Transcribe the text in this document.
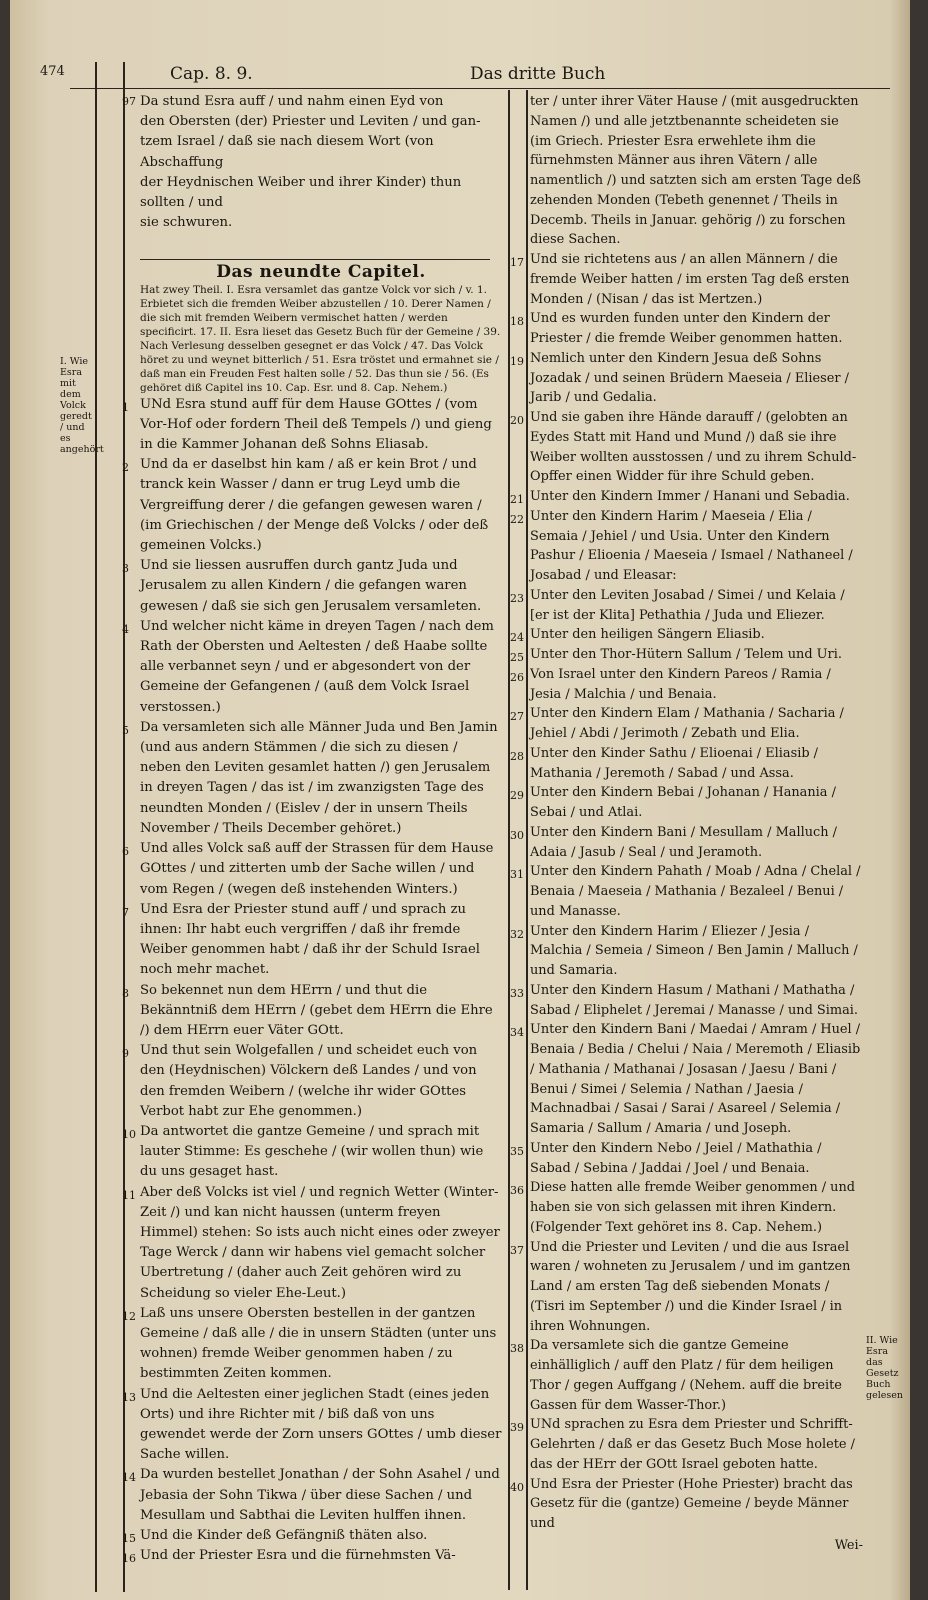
474	Cap. 8. 9.	Das dritte Buch
I. Wie Esra mit dem Volck geredt / und es angehört
II. Wie Esra das Gesetz Buch gelesen
97 Da stund Esra auff / und nahm einen Eyd von

den Obersten (der) Priester und Leviten / und gan-

tzem Israel / daß sie nach diesem Wort (von Abschaffung

der Heydnischen Weiber und ihrer Kinder) thun sollten / und

sie schwuren.

Das neundte Capitel.

Hat zwey Theil. I. Esra versamlet das gantze Volck vor sich / v. 1. Erbietet sich die fremden Weiber abzustellen / 10. Derer Namen / die sich mit fremden Weibern vermischet hatten / werden specificirt. 17. II. Esra lieset das Gesetz Buch für der Gemeine / 39. Nach Verlesung desselben gesegnet er das Volck / 47. Das Volck höret zu und weynet bitterlich / 51. Esra tröstet und ermahnet sie / daß man ein Freuden Fest halten solle / 52. Das thun sie / 56. (Es gehöret diß Capitel ins 10. Cap. Esr. und 8. Cap. Nehem.)

1 UNd Esra stund auff für dem Hause GOttes / (vom Vor-Hof oder fordern Theil deß Tempels /) und gieng in die Kammer Johanan deß Sohns Eliasab.

2 Und da er daselbst hin kam / aß er kein Brot / und tranck kein Wasser / dann er trug Leyd umb die Vergreiffung derer / die gefangen gewesen waren / (im Griechischen / der Menge deß Volcks / oder deß gemeinen Volcks.)

3 Und sie liessen ausruffen durch gantz Juda und Jerusalem zu allen Kindern / die gefangen waren gewesen / daß sie sich gen Jerusalem versamleten.

4 Und welcher nicht käme in dreyen Tagen / nach dem Rath der Obersten und Aeltesten / deß Haabe sollte alle verbannet seyn / und er abgesondert von der Gemeine der Gefangenen / (auß dem Volck Israel verstossen.)

5 Da versamleten sich alle Männer Juda und Ben Jamin (und aus andern Stämmen / die sich zu diesen / neben den Leviten gesamlet hatten /) gen Jerusalem in dreyen Tagen / das ist / im zwanzigsten Tage des neundten Monden / (Eislev / der in unsern Theils November / Theils December gehöret.)

6 Und alles Volck saß auff der Strassen für dem Hause GOttes / und zitterten umb der Sache willen / und vom Regen / (wegen deß instehenden Winters.)

7 Und Esra der Priester stund auff / und sprach zu ihnen: Ihr habt euch vergriffen / daß ihr fremde Weiber genommen habt / daß ihr der Schuld Israel noch mehr machet.

8 So bekennet nun dem HErrn / und thut die Bekänntniß dem HErrn / (gebet dem HErrn die Ehre /) dem HErrn euer Väter GOtt.

9 Und thut sein Wolgefallen / und scheidet euch von den (Heydnischen) Völckern deß Landes / und von den fremden Weibern / (welche ihr wider GOttes Verbot habt zur Ehe genommen.)

10 Da antwortet die gantze Gemeine / und sprach mit lauter Stimme: Es geschehe / (wir wollen thun) wie du uns gesaget hast.

11 Aber deß Volcks ist viel / und regnich Wetter (Winter-Zeit /) und kan nicht haussen (unterm freyen Himmel) stehen: So ists auch nicht eines oder zweyer Tage Werck / dann wir habens viel gemacht solcher Ubertretung / (daher auch Zeit gehören wird zu Scheidung so vieler Ehe-Leut.)

12 Laß uns unsere Obersten bestellen in der gantzen Gemeine / daß alle / die in unsern Städten (unter uns wohnen) fremde Weiber genommen haben / zu bestimmten Zeiten kommen.

13 Und die Aeltesten einer jeglichen Stadt (eines jeden Orts) und ihre Richter mit / biß daß von uns gewendet werde der Zorn unsers GOttes / umb dieser Sache willen.

14 Da wurden bestellet Jonathan / der Sohn Asahel / und Jebasia der Sohn Tikwa / über diese Sachen / und Mesullam und Sabthai die Leviten hulffen ihnen.

15 Und die Kinder deß Gefängniß thäten also.

16 Und der Priester Esra und die fürnehmsten Vä-

ter / unter ihrer Väter Hause / (mit ausgedruckten Namen /) und alle jetztbenannte scheideten sie (im Griech. Priester Esra erwehlete ihm die fürnehmsten Männer aus ihren Vätern / alle namentlich /) und satzten sich am ersten Tage deß zehenden Monden (Tebeth genennet / Theils in Decemb. Theils in Januar. gehörig /) zu forschen diese Sachen.

17 Und sie richtetens aus / an allen Männern / die fremde Weiber hatten / im ersten Tag deß ersten Monden / (Nisan / das ist Mertzen.)

18 Und es wurden funden unter den Kindern der Priester / die fremde Weiber genommen hatten.

19 Nemlich unter den Kindern Jesua deß Sohns Jozadak / und seinen Brüdern Maeseia / Elieser / Jarib / und Gedalia.

20 Und sie gaben ihre Hände darauff / (gelobten an Eydes Statt mit Hand und Mund /) daß sie ihre Weiber wollten ausstossen / und zu ihrem Schuld-Opffer einen Widder für ihre Schuld geben.

21 Unter den Kindern Immer / Hanani und Sebadia.

22 Unter den Kindern Harim / Maeseia / Elia / Semaia / Jehiel / und Usia. Unter den Kindern Pashur / Elioenia / Maeseia / Ismael / Nathaneel / Josabad / und Eleasar:

23 Unter den Leviten Josabad / Simei / und Kelaia / [er ist der Klita] Pethathia / Juda und Eliezer.

24 Unter den heiligen Sängern Eliasib.

25 Unter den Thor-Hütern Sallum / Telem und Uri.

26 Von Israel unter den Kindern Pareos / Ramia / Jesia / Malchia / und Benaia.

27 Unter den Kindern Elam / Mathania / Sacharia / Jehiel / Abdi / Jerimoth / Zebath und Elia.

28 Unter den Kinder Sathu / Elioenai / Eliasib / Mathania / Jeremoth / Sabad / und Assa.

29 Unter den Kindern Bebai / Johanan / Hanania / Sebai / und Atlai.

30 Unter den Kindern Bani / Mesullam / Malluch / Adaia / Jasub / Seal / und Jeramoth.

31 Unter den Kindern Pahath / Moab / Adna / Chelal / Benaia / Maeseia / Mathania / Bezaleel / Benui / und Manasse.

32 Unter den Kindern Harim / Eliezer / Jesia / Malchia / Semeia / Simeon / Ben Jamin / Malluch / und Samaria.

33 Unter den Kindern Hasum / Mathani / Mathatha / Sabad / Eliphelet / Jeremai / Manasse / und Simai.

34 Unter den Kindern Bani / Maedai / Amram / Huel / Benaia / Bedia / Chelui / Naia / Meremoth / Eliasib / Mathania / Mathanai / Josasan / Jaesu / Bani / Benui / Simei / Selemia / Nathan / Jaesia / Machnadbai / Sasai / Sarai / Asareel / Selemia / Samaria / Sallum / Amaria / und Joseph.

35 Unter den Kindern Nebo / Jeiel / Mathathia / Sabad / Sebina / Jaddai / Joel / und Benaia.

36 Diese hatten alle fremde Weiber genommen / und haben sie von sich gelassen mit ihren Kindern. (Folgender Text gehöret ins 8. Cap. Nehem.)

37 Und die Priester und Leviten / und die aus Israel waren / wohneten zu Jerusalem / und im gantzen Land / am ersten Tag deß siebenden Monats / (Tisri im September /) und die Kinder Israel / in ihren Wohnungen.

38 Da versamlete sich die gantze Gemeine einhälliglich / auff den Platz / für dem heiligen Thor / gegen Auffgang / (Nehem. auff die breite Gassen für dem Wasser-Thor.)

39 UNd sprachen zu Esra dem Priester und Schrifft-Gelehrten / daß er das Gesetz Buch Mose holete / das der HErr der GOtt Israel geboten hatte.

40 Und Esra der Priester (Hohe Priester) bracht das Gesetz für die (gantze) Gemeine / beyde Männer und

Wei-
